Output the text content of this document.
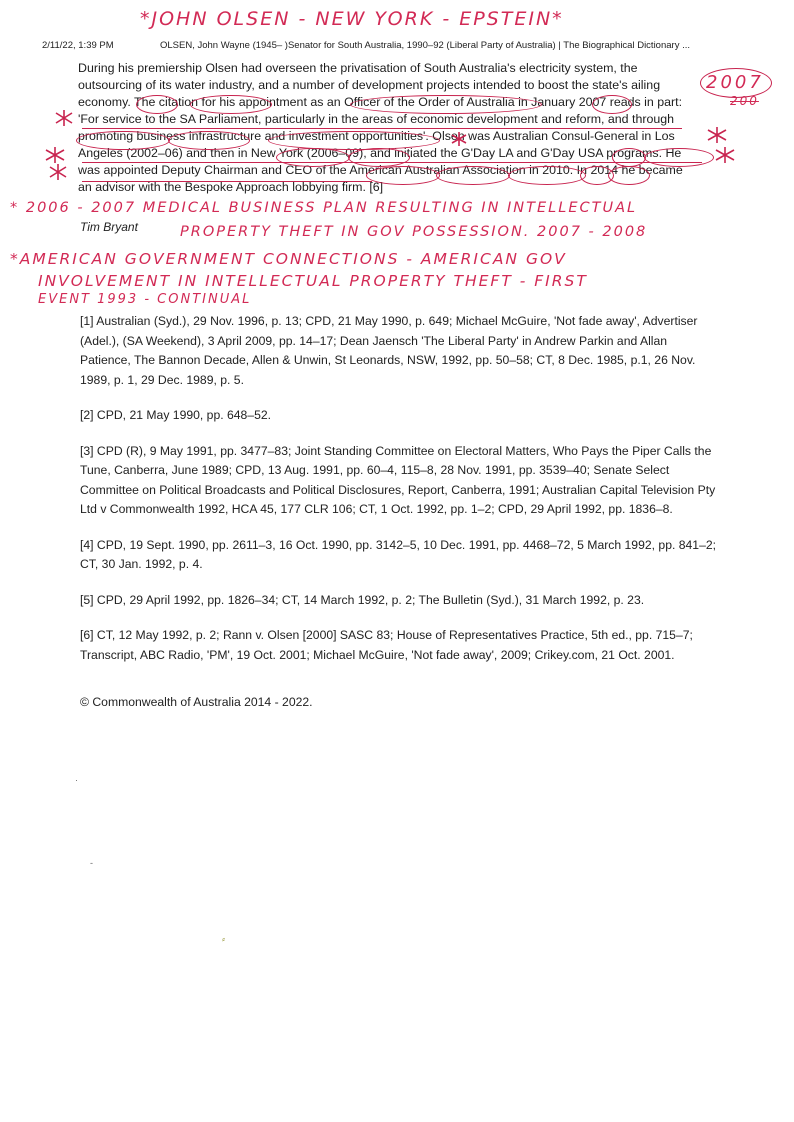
*JOHN OLSEN - NEW YORK - EPSTEIN*
2/11/22, 1:39 PM	OLSEN, John Wayne (1945– )Senator for South Australia, 1990–92 (Liberal Party of Australia) | The Biographical Dictionary ...

During his premiership Olsen had overseen the privatisation of South Australia's electricity system, the outsourcing of its water industry, and a number of development projects intended to boost the state's ailing economy. The citation for his appointment as an Officer of the Order of Australia in January 2007 reads in part: 'For service to the SA Parliament, particularly in the areas of economic development and reform, and through promoting business infrastructure and investment opportunities'. Olsen was Australian Consul-General in Los Angeles (2002–06) and then in New York (2006–09), and initiated the G'Day LA and G'Day USA programs. He was appointed Deputy Chairman and CEO of the American Australian Association in 2010. In 2014 he became an advisor with the Bespoke Approach lobbying firm. [6]

Tim Bryant
2007
200
* 2006 - 2007 MEDICAL BUSINESS PLAN RESULTING IN INTELLECTUAL
PROPERTY THEFT IN GOV POSSESSION. 2007 - 2008
*AMERICAN GOVERNMENT CONNECTIONS - AMERICAN GOV
INVOLVEMENT IN INTELLECTUAL PROPERTY THEFT - FIRST
EVENT 1993 - CONTINUAL

[1] Australian (Syd.), 29 Nov. 1996, p. 13; CPD, 21 May 1990, p. 649; Michael McGuire, 'Not fade away', Advertiser (Adel.), (SA Weekend), 3 April 2009, pp. 14–17; Dean Jaensch 'The Liberal Party' in Andrew Parkin and Allan Patience, The Bannon Decade, Allen & Unwin, St Leonards, NSW, 1992, pp. 50–58; CT, 8 Dec. 1985, p.1, 26 Nov. 1989, p. 1, 29 Dec. 1989, p. 5.

[2] CPD, 21 May 1990, pp. 648–52.

[3] CPD (R), 9 May 1991, pp. 3477–83; Joint Standing Committee on Electoral Matters, Who Pays the Piper Calls the Tune, Canberra, June 1989; CPD, 13 Aug. 1991, pp. 60–4, 115–8, 28 Nov. 1991, pp. 3539–40; Senate Select Committee on Political Broadcasts and Political Disclosures, Report, Canberra, 1991; Australian Capital Television Pty Ltd v Commonwealth 1992, HCA 45, 177 CLR 106; CT, 1 Oct. 1992, pp. 1–2; CPD, 29 April 1992, pp. 1836–8.

[4] CPD, 19 Sept. 1990, pp. 2611–3, 16 Oct. 1990, pp. 3142–5, 10 Dec. 1991, pp. 4468–72, 5 March 1992, pp. 841–2; CT, 30 Jan. 1992, p. 4.

[5] CPD, 29 April 1992, pp. 1826–34; CT, 14 March 1992, p. 2; The Bulletin (Syd.), 31 March 1992, p. 23.

[6] CT, 12 May 1992, p. 2; Rann v. Olsen [2000] SASC 83; House of Representatives Practice, 5th ed., pp. 715–7; Transcript, ABC Radio, 'PM', 19 Oct. 2001; Michael McGuire, 'Not fade away', 2009; Crikey.com, 21 Oct. 2001.

© Commonwealth of Australia 2014 - 2022.
·
-
⸗
